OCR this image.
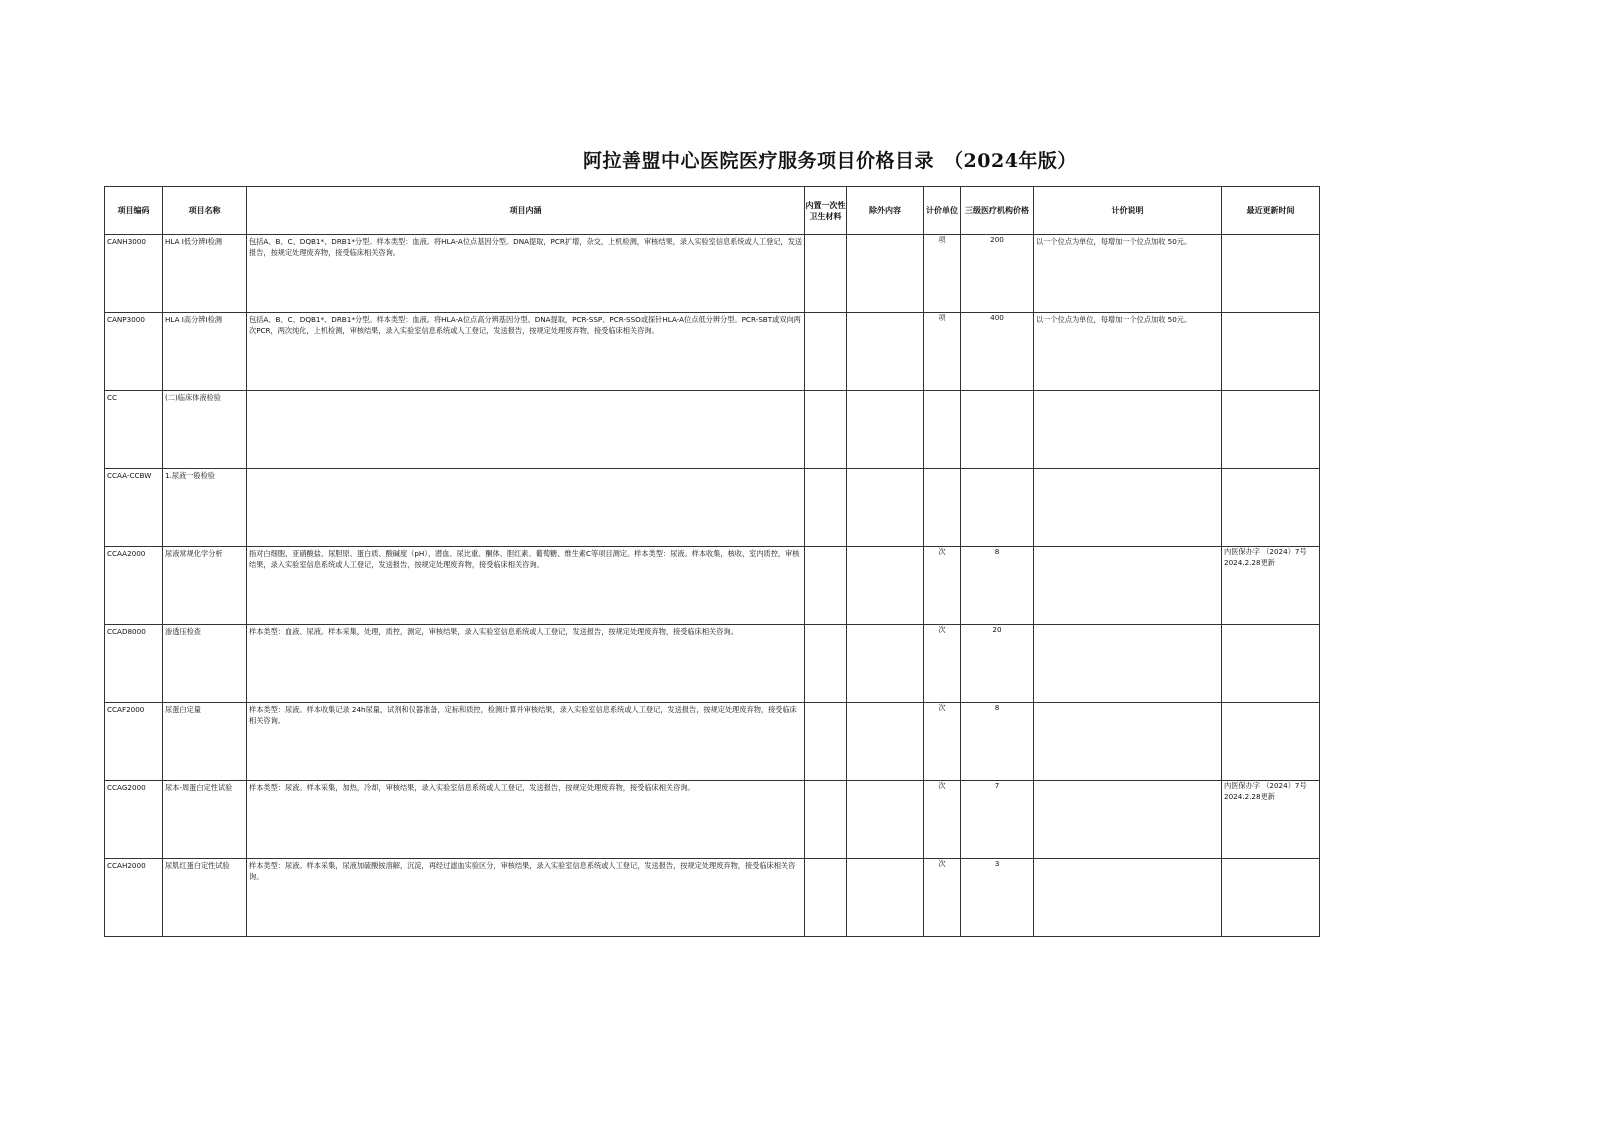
阿拉善盟中心医院医疗服务项目价格目录　（2024年版）
项目编码	项目名称	项目内涵	内置一次性卫生材料	除外内容	计价单位	三级医疗机构价格	计价说明	最近更新时间

CANH3000	HLA I低分辨I检测	包括A、B、C、DQB1*、DRB1*分型。样本类型：血液。将HLA-A位点基因分型。DNA提取，PCR扩增，杂交，上机检测，审核结果，录入实验室信息系统或人工登记，发送报告，按规定处理废弃物，接受临床相关咨询。			项	200	以一个位点为单位，每增加一个位点加收 50元。	

CANP3000	HLA I高分辨I检测	包括A、B、C、DQB1*、DRB1*分型。样本类型：血液。将HLA-A位点高分辨基因分型。DNA提取，PCR-SSP、PCR-SSO或探针HLA-A位点低分辨分型。PCR-SBT或双向两次PCR，两次纯化，上机检测，审核结果，录入实验室信息系统或人工登记，发送报告，按规定处理废弃物，接受临床相关咨询。			项	400	以一个位点为单位，每增加一个位点加收 50元。	

CC	(二)临床体液检验							

CCAA-CCBW	1.尿液一般检验							

CCAA2000	尿液常规化学分析	指对白细胞、亚硝酸盐、尿胆原、蛋白质、酸碱度（pH）、潜血、尿比重、酮体、胆红素、葡萄糖、维生素C等项目测定。样本类型：尿液。样本收集，核收，室内质控，审核结果，录入实验室信息系统或人工登记，发送报告，按规定处理废弃物，接受临床相关咨询。			次	8		内医保办字 （2024）7号 2024.2.28更新

CCAD8000	渗透压检查	样本类型：血液、尿液。样本采集，处理，质控，测定，审核结果，录入实验室信息系统或人工登记，发送报告，按规定处理废弃物，接受临床相关咨询。			次	20	

CCAF2000	尿蛋白定量	样本类型：尿液。样本收集记录 24h尿量，试剂和仪器准备，定标和质控，检测计算并审核结果，录入实验室信息系统或人工登记，发送报告，按规定处理废弃物，接受临床相关咨询。			次	8	

CCAG2000	尿本-周蛋白定性试验	样本类型：尿液。样本采集，加热，冷却，审核结果，录入实验室信息系统或人工登记，发送报告，按规定处理废弃物，接受临床相关咨询。			次	7		内医保办字 （2024）7号 2024.2.28更新

CCAH2000	尿肌红蛋白定性试验	样本类型：尿液。样本采集，尿液加硫酸铵溶解，沉淀，再经过滤血实验区分，审核结果，录入实验室信息系统或人工登记，发送报告，按规定处理废弃物，接受临床相关咨询。			次	3	
